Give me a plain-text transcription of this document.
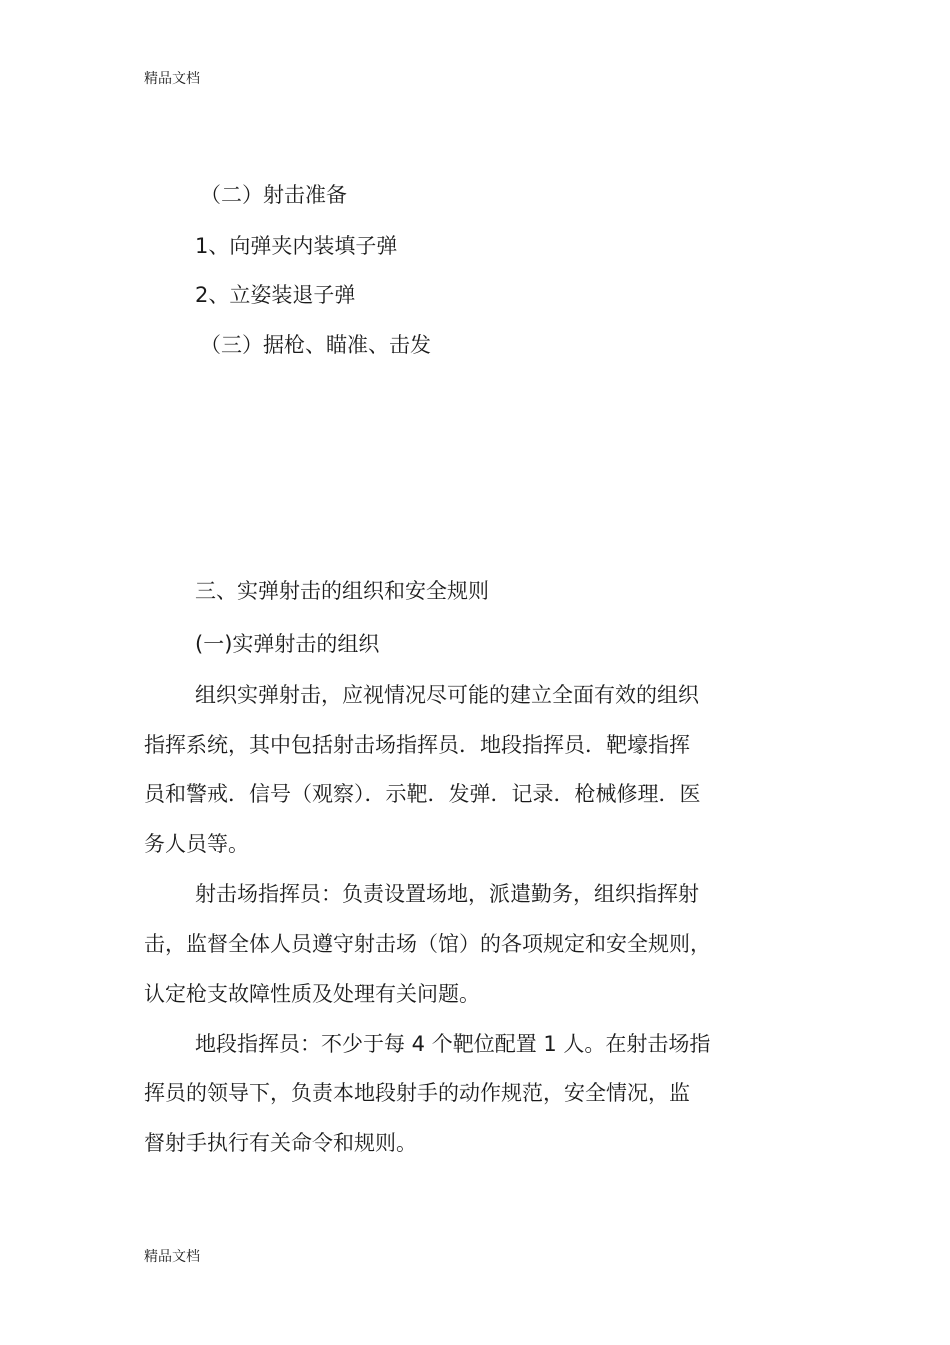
精品文档
（二）射击准备
1、向弹夹内装填子弹
2、立姿装退子弹
（三）据枪、瞄准、击发
三、实弹射击的组织和安全规则
(一)实弹射击的组织
组织实弹射击，应视情况尽可能的建立全面有效的组织
指挥系统，其中包括射击场指挥员．地段指挥员．靶壕指挥
员和警戒．信号（观察）．示靶．发弹．记录．枪械修理．医
务人员等。
射击场指挥员：负责设置场地，派遣勤务，组织指挥射
击，监督全体人员遵守射击场（馆）的各项规定和安全规则，
认定枪支故障性质及处理有关问题。
地段指挥员：不少于每 4 个靶位配置 1 人。在射击场指
挥员的领导下，负责本地段射手的动作规范，安全情况，监
督射手执行有关命令和规则。
精品文档
